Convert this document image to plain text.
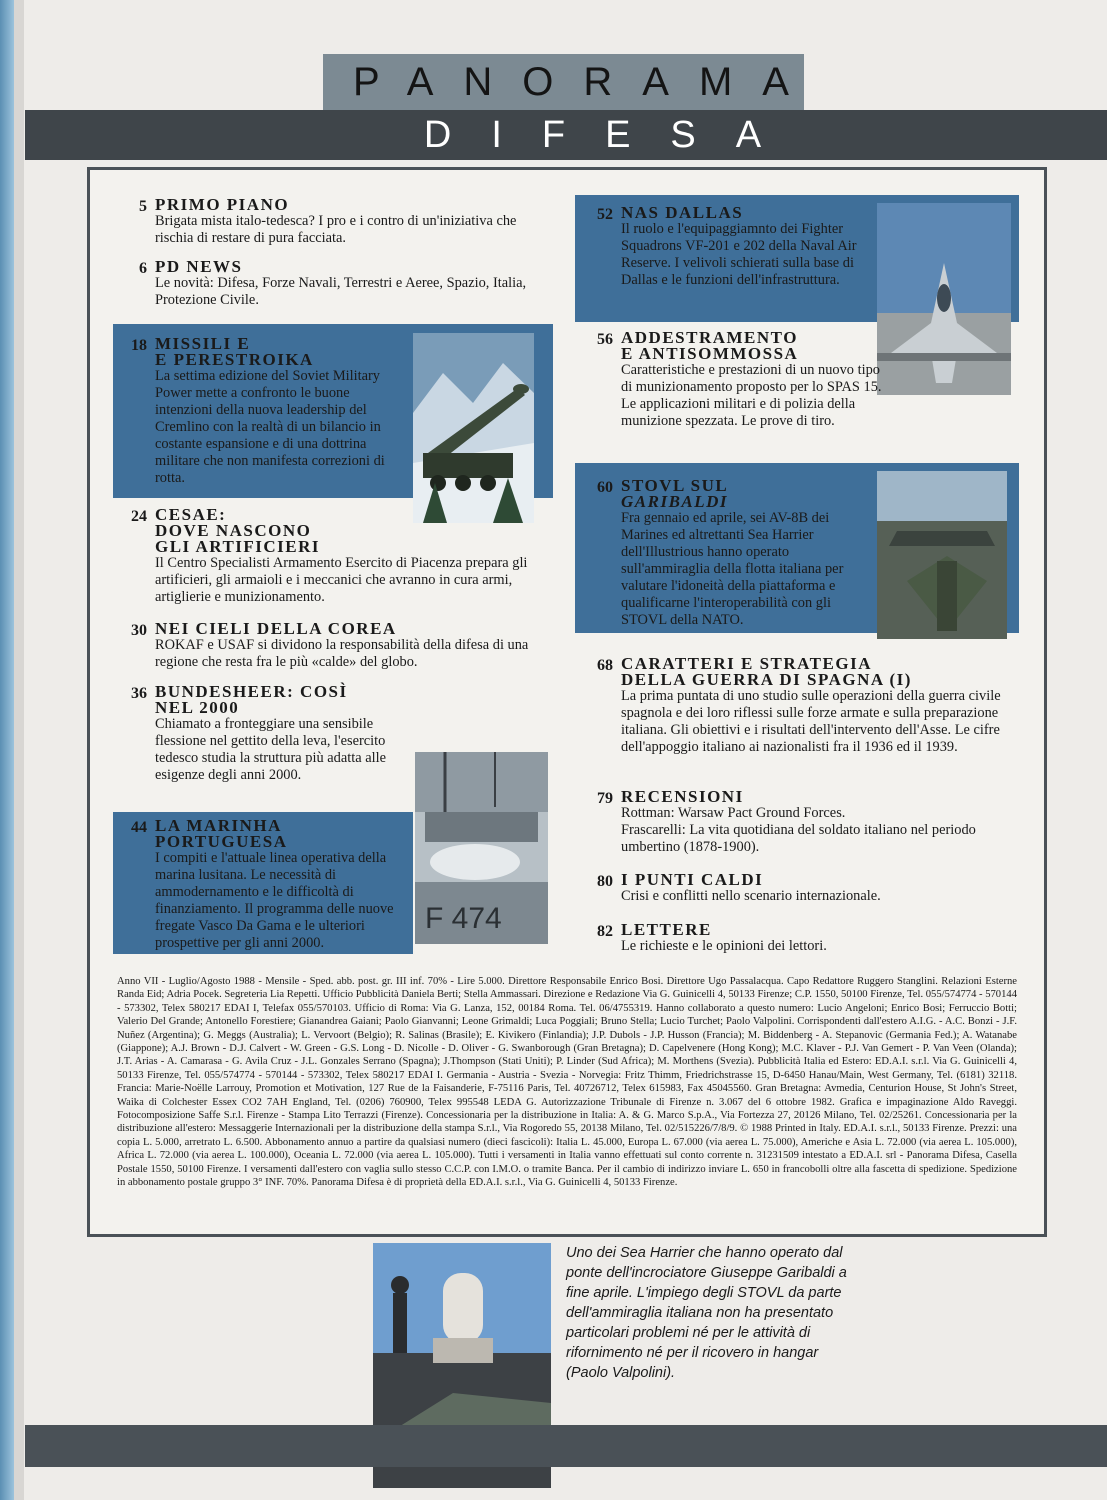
PANORAMA
DIFESA
5 PRIMO PIANO
Brigata mista italo-tedesca? I pro e i contro di un'iniziativa che rischia di restare di pura facciata.
6 PD NEWS
Le novità: Difesa, Forze Navali, Terrestri e Aeree, Spazio, Italia, Protezione Civile.
18 MISSILI E
E PERESTROIKA
La settima edizione del Soviet Military Power mette a confronto le buone intenzioni della nuova leadership del Cremlino con la realtà di un bilancio in costante espansione e di una dottrina militare che non manifesta correzioni di rotta.
24 CESAE:
DOVE NASCONO
GLI ARTIFICIERI
Il Centro Specialisti Armamento Esercito di Piacenza prepara gli artificieri, gli armaioli e i meccanici che avranno in cura armi, artiglierie e munizionamento.
30 NEI CIELI DELLA COREA
ROKAF e USAF si dividono la responsabilità della difesa di una regione che resta fra le più «calde» del globo.
36 BUNDESHEER: COSÌ
NEL 2000
Chiamato a fronteggiare una sensibile flessione nel gettito della leva, l'esercito tedesco studia la struttura più adatta alle esigenze degli anni 2000.
44 LA MARINHA
PORTUGUESA
I compiti e l'attuale linea operativa della marina lusitana. Le necessità di ammodernamento e le difficoltà di finanziamento. Il programma delle nuove fregate Vasco Da Gama e le ulteriori prospettive per gli anni 2000.
F 474
52 NAS DALLAS
Il ruolo e l'equipaggiamnto dei Fighter Squadrons VF-201 e 202 della Naval Air Reserve. I velivoli schierati sulla base di Dallas e le funzioni dell'infrastruttura.
56 ADDESTRAMENTO
E ANTISOMMOSSA
Caratteristiche e prestazioni di un nuovo tipo di munizionamento proposto per lo SPAS 15. Le applicazioni militari e di polizia della munizione spezzata. Le prove di tiro.
60 STOVL SUL
GARIBALDI
Fra gennaio ed aprile, sei AV-8B dei Marines ed altrettanti Sea Harrier dell'Illustrious hanno operato sull'ammiraglia della flotta italiana per valutare l'idoneità della piattaforma e qualificarne l'interoperabilità con gli STOVL della NATO.
68 CARATTERI E STRATEGIA
DELLA GUERRA DI SPAGNA (I)
La prima puntata di uno studio sulle operazioni della guerra civile spagnola e dei loro riflessi sulle forze armate e sulla preparazione italiana. Gli obiettivi e i risultati dell'intervento dell'Asse. Le cifre dell'appoggio italiano ai nazionalisti fra il 1936 ed il 1939.
79 RECENSIONI
Rottman: Warsaw Pact Ground Forces.
Frascarelli: La vita quotidiana del soldato italiano nel periodo umbertino (1878-1900).
80 I PUNTI CALDI
Crisi e conflitti nello scenario internazionale.
82 LETTERE
Le richieste e le opinioni dei lettori.
Anno VII - Luglio/Agosto 1988 - Mensile - Sped. abb. post. gr. III inf. 70% - Lire 5.000. Direttore Responsabile Enrico Bosi. Direttore Ugo Passalacqua. Capo Redattore Ruggero Stanglini. Relazioni Esterne Randa Eid; Adria Pocek. Segreteria Lia Repetti. Ufficio Pubblicità Daniela Berti; Stella Ammassari. Direzione e Redazione Via G. Guinicelli 4, 50133 Firenze; C.P. 1550, 50100 Firenze, Tel. 055/574774 - 570144 - 573302, Telex 580217 EDAI I, Telefax 055/570103. Ufficio di Roma: Via G. Lanza, 152, 00184 Roma. Tel. 06/4755319. Hanno collaborato a questo numero: Lucio Angeloni; Enrico Bosi; Ferruccio Botti; Valerio Del Grande; Antonello Forestiere; Gianandrea Gaiani; Paolo Gianvanni; Leone Grimaldi; Luca Poggiali; Bruno Stella; Lucio Turchet; Paolo Valpolini. Corrispondenti dall'estero A.I.G. - A.C. Bonzi - J.F. Nuñez (Argentina); G. Meggs (Australia); L. Vervoort (Belgio); R. Salinas (Brasile); E. Kivikero (Finlandia); J.P. Dubols - J.P. Husson (Francia); M. Biddenberg - A. Stepanovic (Germania Fed.); A. Watanabe (Giappone); A.J. Brown - D.J. Calvert - W. Green - G.S. Long - D. Nicolle - D. Oliver - G. Swanborough (Gran Bretagna); D. Capelvenere (Hong Kong); M.C. Klaver - P.J. Van Gemert - P. Van Veen (Olanda); J.T. Arias - A. Camarasa - G. Avila Cruz - J.L. Gonzales Serrano (Spagna); J.Thompson (Stati Uniti); P. Linder (Sud Africa); M. Morthens (Svezia). Pubblicità Italia ed Estero: ED.A.I. s.r.l. Via G. Guinicelli 4, 50133 Firenze, Tel. 055/574774 - 570144 - 573302, Telex 580217 EDAI I. Germania - Austria - Svezia - Norvegia: Fritz Thimm, Friedrichstrasse 15, D-6450 Hanau/Main, West Germany, Tel. (6181) 32118. Francia: Marie-Noëlle Larrouy, Promotion et Motivation, 127 Rue de la Faisanderie, F-75116 Paris, Tel. 40726712, Telex 615983, Fax 45045560. Gran Bretagna: Avmedia, Centurion House, St John's Street, Waika di Colchester Essex CO2 7AH England, Tel. (0206) 760900, Telex 995548 LEDA G. Autorizzazione Tribunale di Firenze n. 3.067 del 6 ottobre 1982. Grafica e impaginazione Aldo Raveggi. Fotocomposizione Saffe S.r.l. Firenze - Stampa Lito Terrazzi (Firenze). Concessionaria per la distribuzione in Italia: A. & G. Marco S.p.A., Via Fortezza 27, 20126 Milano, Tel. 02/25261. Concessionaria per la distribuzione all'estero: Messaggerie Internazionali per la distribuzione della stampa S.r.l., Via Rogoredo 55, 20138 Milano, Tel. 02/515226/7/8/9. © 1988 Printed in Italy. ED.A.I. s.r.l., 50133 Firenze. Prezzi: una copia L. 5.000, arretrato L. 6.500. Abbonamento annuo a partire da qualsiasi numero (dieci fascicoli): Italia L. 45.000, Europa L. 67.000 (via aerea L. 75.000), Americhe e Asia L. 72.000 (via aerea L. 105.000), Africa L. 72.000 (via aerea L. 100.000), Oceania L. 72.000 (via aerea L. 105.000). Tutti i versamenti in Italia vanno effettuati sul conto corrente n. 31231509 intestato a ED.A.I. srl - Panorama Difesa, Casella Postale 1550, 50100 Firenze. I versamenti dall'estero con vaglia sullo stesso C.C.P. con I.M.O. o tramite Banca. Per il cambio di indirizzo inviare L. 650 in francobolli oltre alla fascetta di spedizione. Spedizione in abbonamento postale gruppo 3° INF. 70%. Panorama Difesa è di proprietà della ED.A.I. s.r.l., Via G. Guinicelli 4, 50133 Firenze.
Uno dei Sea Harrier che hanno operato dal ponte dell'incrociatore Giuseppe Garibaldi a fine aprile. L'impiego degli STOVL da parte dell'ammiraglia italiana non ha presentato particolari problemi né per le attività di rifornimento né per il ricovero in hangar (Paolo Valpolini).
